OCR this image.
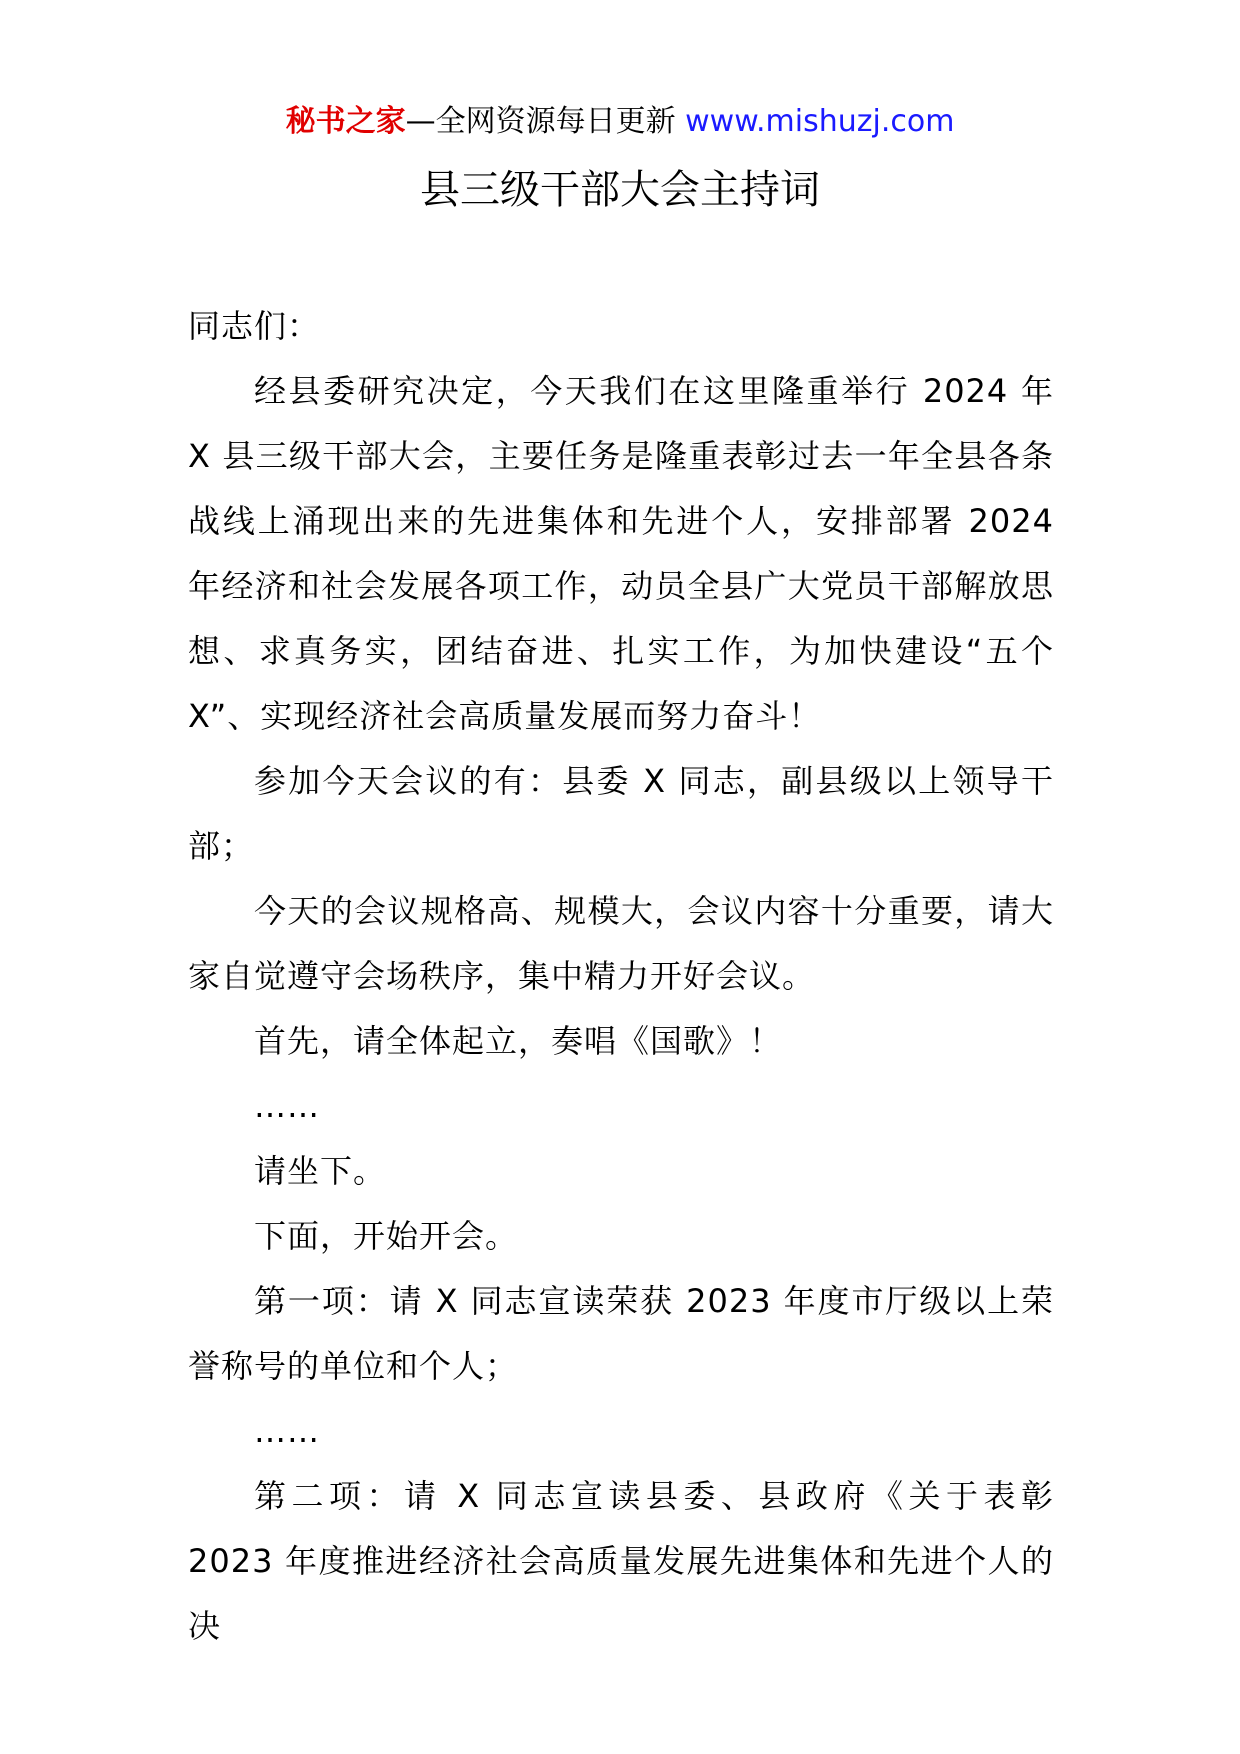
秘书之家—全网资源每日更新 www.mishuzj.com
县三级干部大会主持词

同志们：

经县委研究决定，今天我们在这里隆重举行 2024 年 X 县三级干部大会，主要任务是隆重表彰过去一年全县各条战线上涌现出来的先进集体和先进个人，安排部署 2024 年经济和社会发展各项工作，动员全县广大党员干部解放思想、求真务实，团结奋进、扎实工作，为加快建设“五个 X”、实现经济社会高质量发展而努力奋斗！

参加今天会议的有：县委 X 同志，副县级以上领导干部；

今天的会议规格高、规模大，会议内容十分重要，请大家自觉遵守会场秩序，集中精力开好会议。

首先，请全体起立，奏唱《国歌》！

……

请坐下。

下面，开始开会。

第一项：请 X 同志宣读荣获 2023 年度市厅级以上荣誉称号的单位和个人；

……

第二项：请 X 同志宣读县委、县政府《关于表彰 2023 年度推进经济社会高质量发展先进集体和先进个人的决
